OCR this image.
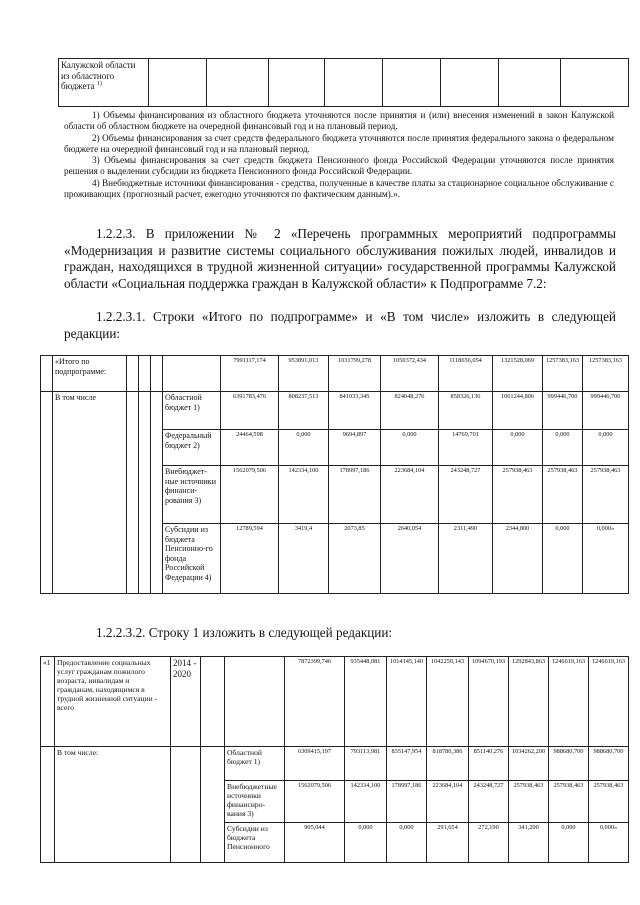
Калужской области из областного бюджета $^{1)}$								
1) Объемы финансирования из областного бюджета уточняются после принятия и (или) внесения изменений в закон Калужской области об областном бюджете на очередной финансовый год и на плановый период.
2) Объемы финансирования за счет средств федерального бюджета уточняются после принятия федерального закона о федеральном бюджете на очередной финансовый год и на плановый период.
3) Объемы финансирования за счет средств бюджета Пенсионного фонда Российской Федерации уточняются после принятия решения о выделении субсидии из бюджета Пенсионного фонда Российской Федерации.
4) Внебюджетные источники финансирования - средства, полученные в качестве платы за стационарное социальное обслуживание с проживающих (прогнозный расчет, ежегодно уточняются по фактическим данным).».
1.2.2.3. В приложении № 2 «Перечень программных мероприятий подпрограммы «Модернизация и развитие системы социального обслуживания пожилых людей, инвалидов и граждан, находящихся в трудной жизненной ситуации» государственной программы Калужской области «Социальная поддержка граждан в Калужской области» к Подпрограмме 7.2:
1.2.2.3.1. Строки «Итого по подпрограмме» и «В том числе» изложить в следующей редакции:
	«Итого по подпрограмме:					7991117,174	953891,013	1031799,278	1050372,434	1118656,054	1321528,069	1257383,163	1257383,163
	В том числе				Областной бюджет 1)	6391783,476	808237,513	841033,345	824048,276	858326,136	1061244,806	999446,700	999446,700
					Федеральный бюджет 2)	24464,598	0,000	9694,897	0,000	14769,701	0,000	0,000	0,000
					Внебюджет-ные источники финанси-рования 3)	1562079,506	142334,100	178997,186	223684,104	243248,727	257938,463	257938,463	257938,463
					Субсидии из бюджета Пенсионно-го фонда Российской Федерации 4)	12789,594	3419,4	2073,85	2640,054	2311,490	2344,800	0,000	0,000»
1.2.2.3.2. Строку 1 изложить в следующей редакции:
«1	Предоставление социальных услуг гражданам пожилого возраста, инвалидам и гражданам, находящимся в трудной жизненной ситуации - всего	2014 - 2020			7872399,746	935448,081	1014145,140	1042250,143	1094670,193	1292843,863	1246619,163	1246619,163
	В том числе:			Областной бюджет 1)	6309415,197	793113,981	835147,954	818780,386	851140,276	1034262,200	988680,700	988680,700
				Внебюджетные источники финансиро-вания 3)	1562079,506	142334,100	178997,186	223684,104	243248,727	257938,463	257938,463	257938,463
				Субсидии из бюджета Пенсионного	905,044	0,000	0,000	291,654	272,190	341,200	0,000	0,000»
